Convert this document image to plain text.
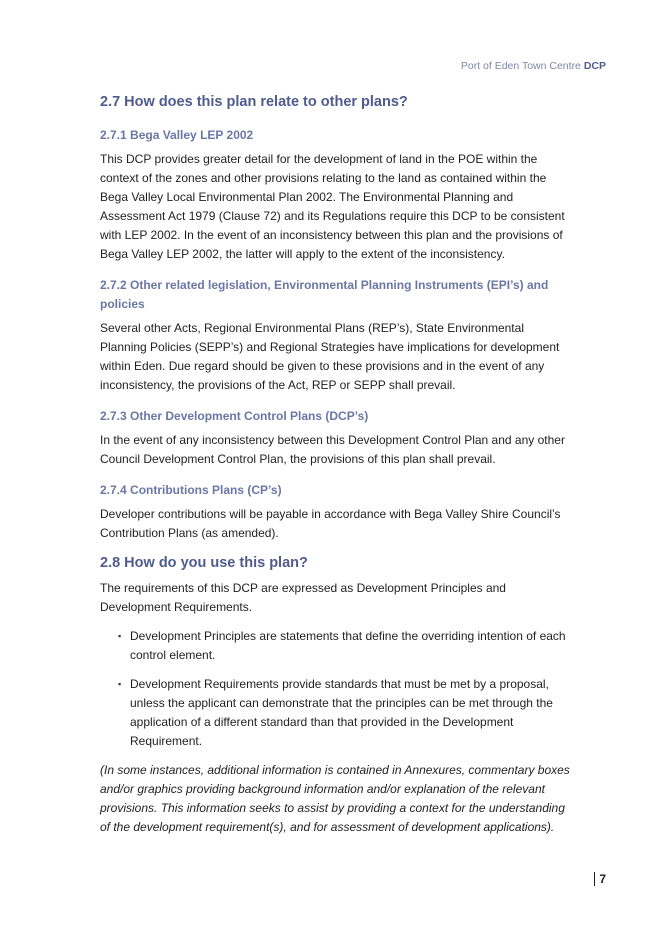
Port of Eden Town Centre DCP
2.7 How does this plan relate to other plans?
2.7.1 Bega Valley LEP 2002

This DCP provides greater detail for the development of land in the POE within the context of the zones and other provisions relating to the land as contained within the Bega Valley Local Environmental Plan 2002. The Environmental Planning and Assessment Act 1979 (Clause 72) and its Regulations require this DCP to be consistent with LEP 2002. In the event of an inconsistency between this plan and the provisions of Bega Valley LEP 2002, the latter will apply to the extent of the inconsistency.

2.7.2 Other related legislation, Environmental Planning Instruments (EPI’s) and policies

Several other Acts, Regional Environmental Plans (REP’s), State Environmental Planning Policies (SEPP’s) and Regional Strategies have implications for development within Eden. Due regard should be given to these provisions and in the event of any inconsistency, the provisions of the Act, REP or SEPP shall prevail.

2.7.3 Other Development Control Plans (DCP’s)

In the event of any inconsistency between this Development Control Plan and any other Council Development Control Plan, the provisions of this plan shall prevail.

2.7.4 Contributions Plans (CP’s)

Developer contributions will be payable in accordance with Bega Valley Shire Council’s Contribution Plans (as amended).

2.8 How do you use this plan?

The requirements of this DCP are expressed as Development Principles and Development Requirements.

▪ Development Principles are statements that define the overriding intention of each control element.
▪ Development Requirements provide standards that must be met by a proposal, unless the applicant can demonstrate that the principles can be met through the application of a different standard than that provided in the Development Requirement.

(In some instances, additional information is contained in Annexures, commentary boxes and/or graphics providing background information and/or explanation of the relevant provisions. This information seeks to assist by providing a context for the understanding of the development requirement(s), and for assessment of development applications).

7
